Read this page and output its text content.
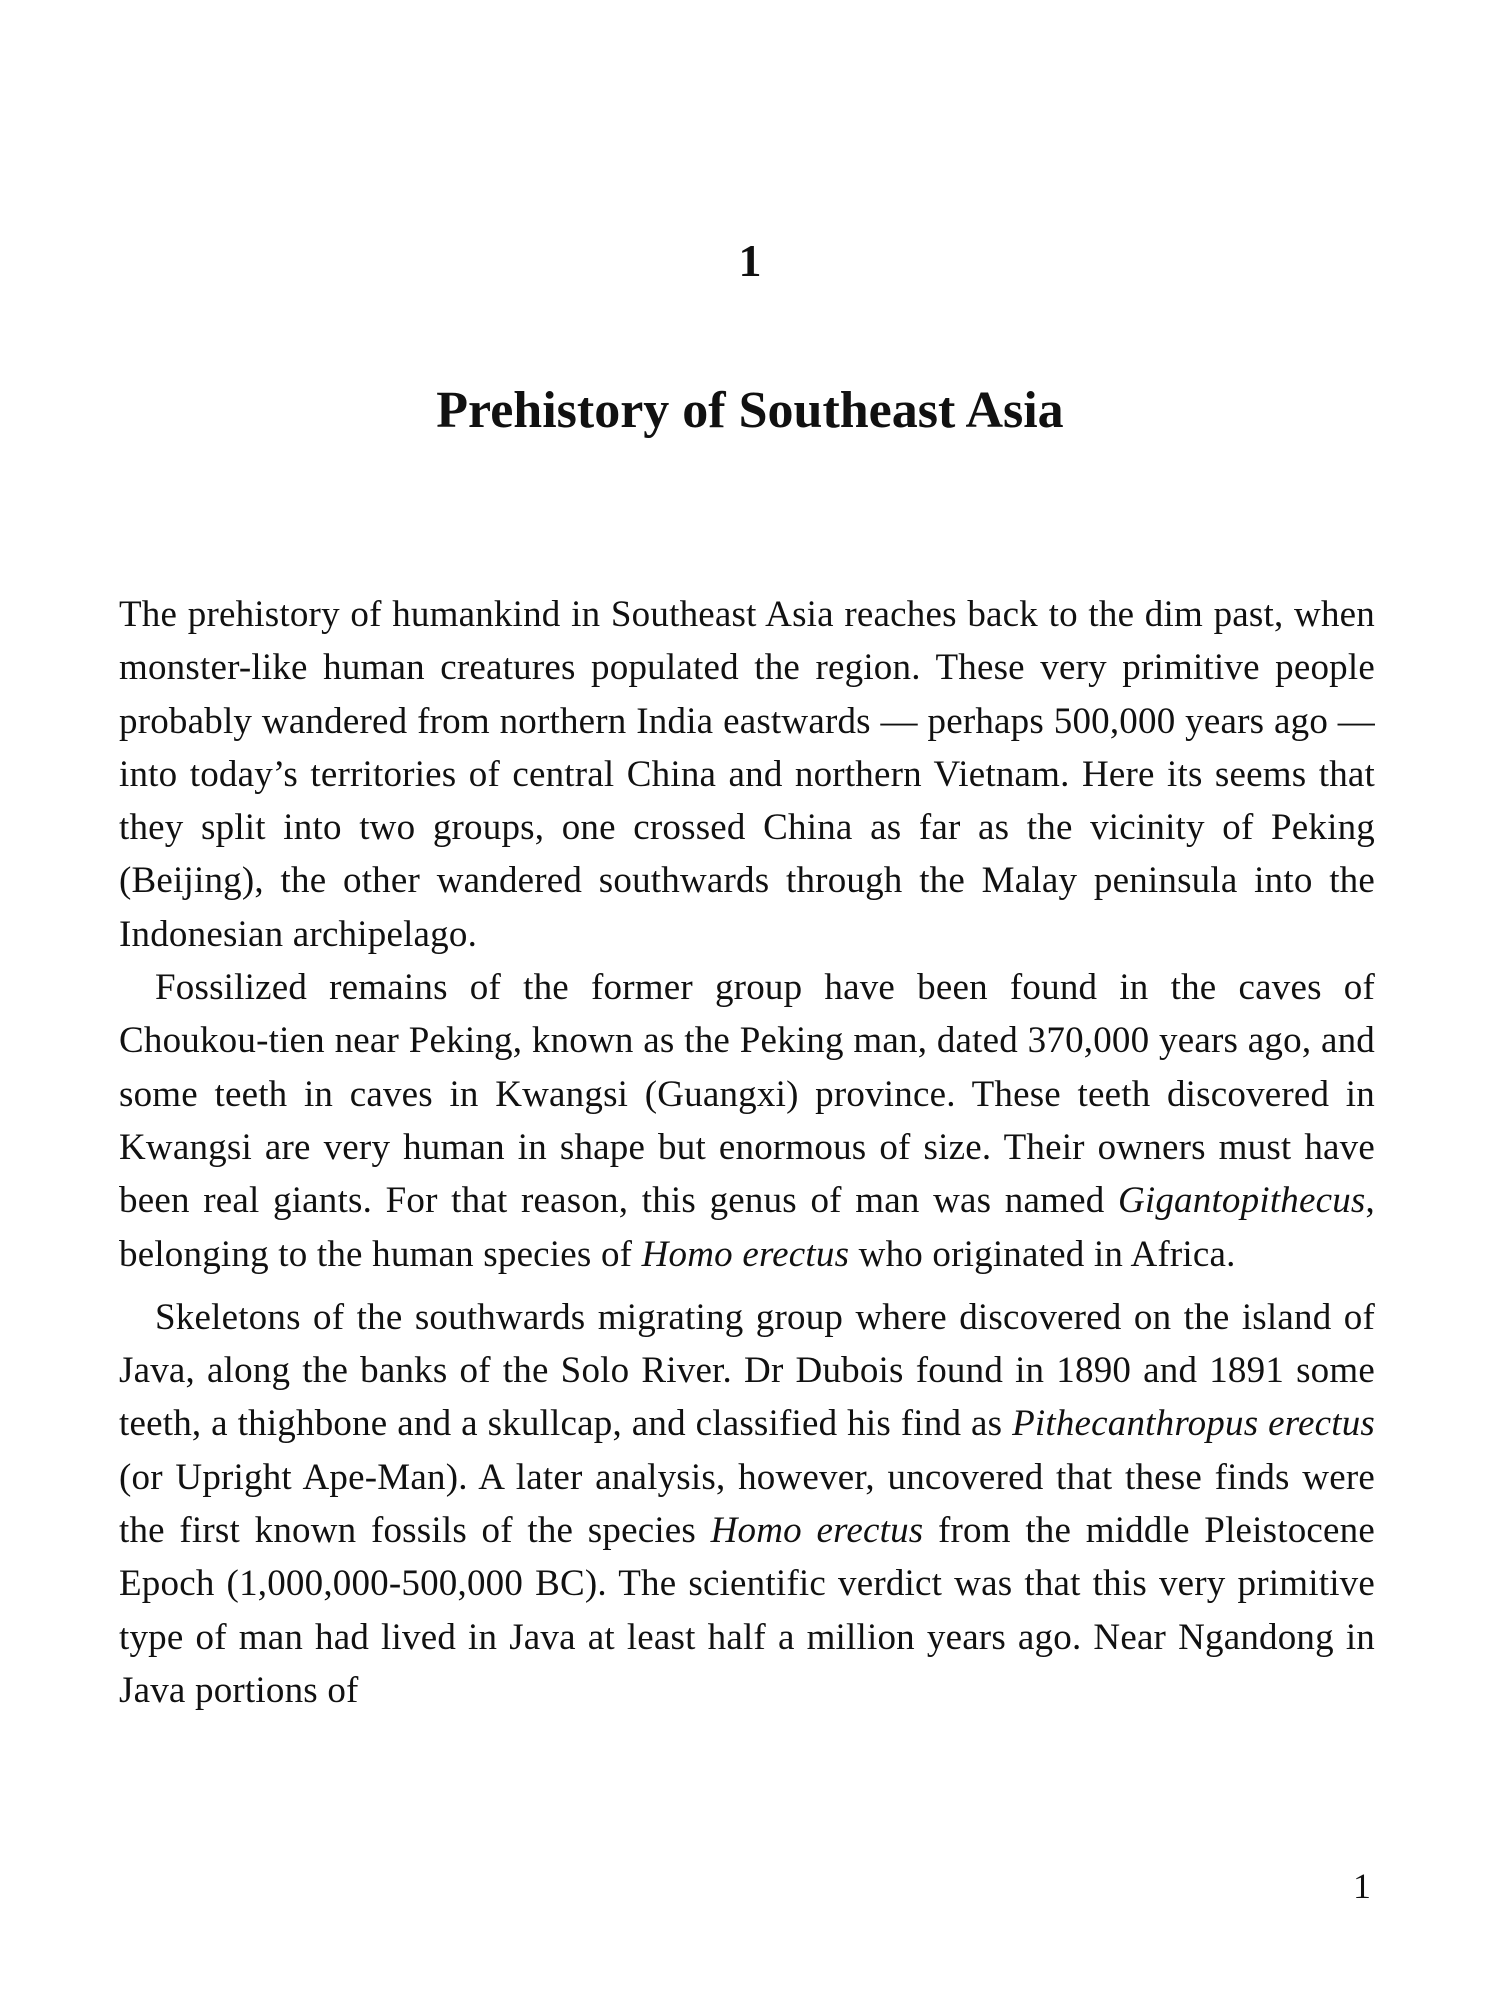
1
Prehistory of Southeast Asia

The prehistory of humankind in Southeast Asia reaches back to the dim past, when monster-like human creatures populated the region. These very primitive people probably wandered from northern India eastwards — perhaps 500,000 years ago — into today’s territories of central China and northern Vietnam. Here its seems that they split into two groups, one crossed China as far as the vicinity of Peking (Beijing), the other wandered southwards through the Malay peninsula into the Indonesian archipelago.

Fossilized remains of the former group have been found in the caves of Choukou-tien near Peking, known as the Peking man, dated 370,000 years ago, and some teeth in caves in Kwangsi (Guangxi) province. These teeth discovered in Kwangsi are very human in shape but enormous of size. Their owners must have been real giants. For that reason, this genus of man was named Gigantopithecus, belonging to the human species of Homo erectus who originated in Africa.

Skeletons of the southwards migrating group where discovered on the island of Java, along the banks of the Solo River. Dr Dubois found in 1890 and 1891 some teeth, a thighbone and a skullcap, and classified his find as Pithecanthropus erectus (or Upright Ape-Man). A later analysis, however, uncovered that these finds were the first known fossils of the species Homo erectus from the middle Pleistocene Epoch (1,000,000-500,000 BC). The scientific verdict was that this very primitive type of man had lived in Java at least half a million years ago. Near Ngandong in Java portions of

1
